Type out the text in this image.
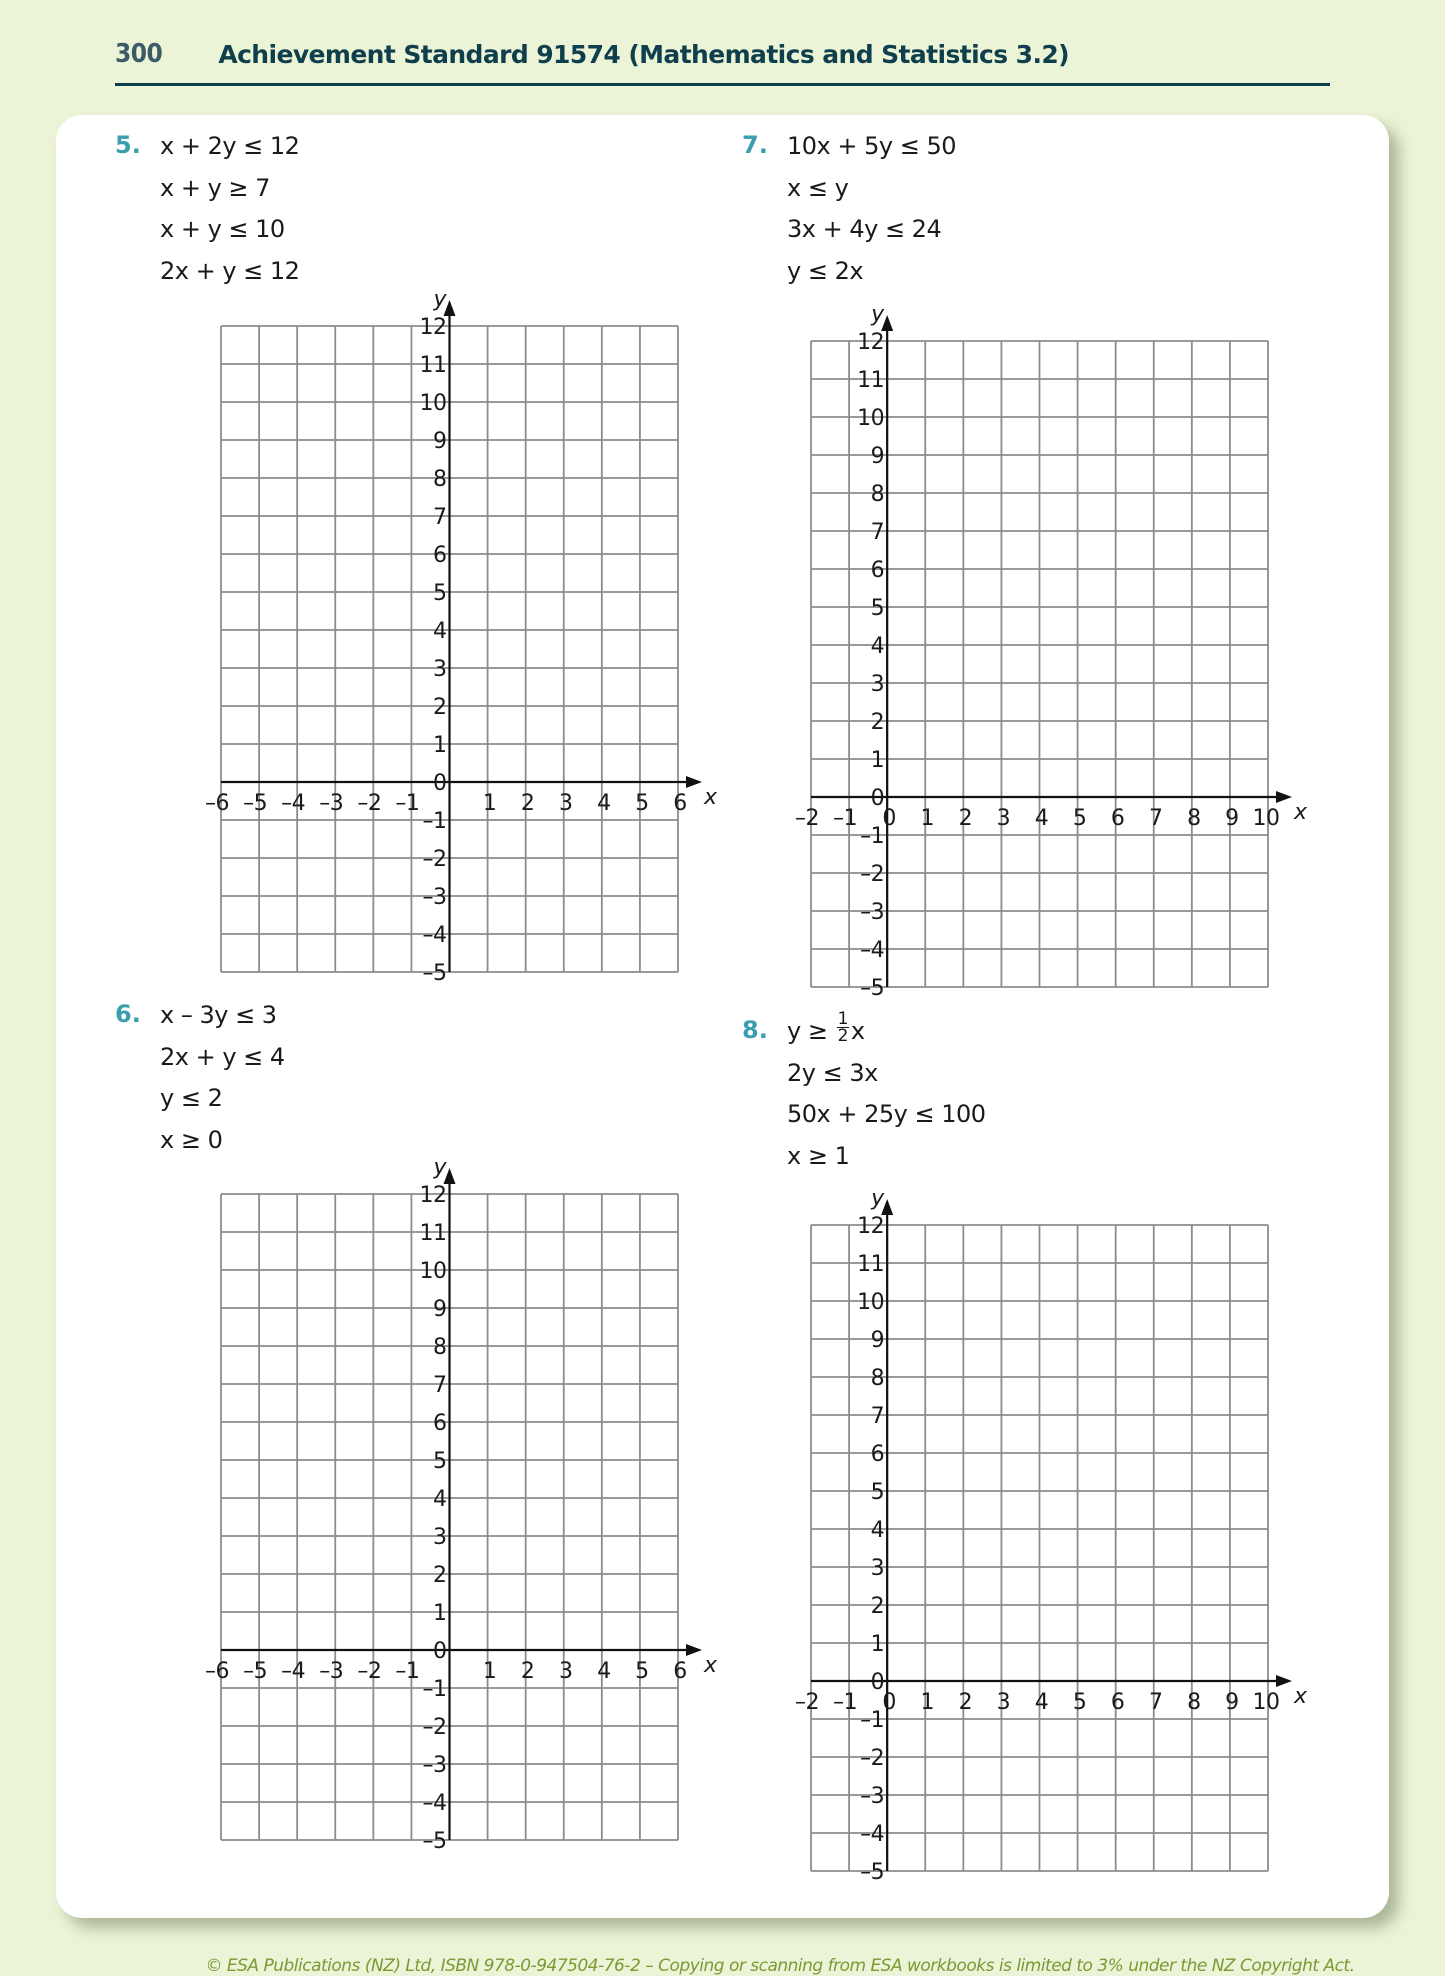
300 Achievement Standard 91574 (Mathematics and Statistics 3.2)
5. x + 2y ≤ 12
x + y ≥ 7
x + y ≤ 10
2x + y ≤ 12
7. 10x + 5y ≤ 50
x ≤ y
3x + 4y ≤ 24
y ≤ 2x
6. x – 3y ≤ 3
2x + y ≤ 4
y ≤ 2
x ≥ 0
8. $y \ge \frac{1}{2}$ x
2y ≤ 3x
50x + 25y ≤ 100
x ≥ 1
x
y
12
11
10
9
8
7
6
5
4
3
2
1
0
–1
–2
–3
–4
–5
–6 –5 –4 –3 –2 –1	1 2 3 4 5 6
x
y
12
11
10
9
8
7
6
5
4
3
2
1
0
–1
–2
–3
–4
–5
–6 –5 –4 –3 –2 –1	1 2 3 4 5 6
x
y
12
11
10
9
8
7
6
5
4
3
2
1
0
–1
–2
–3
–4
–5
–2 –1 0 1 2 3 4 5 6 7 8 9 10
x
y
12
11
10
9
8
7
6
5
4
3
2
1
0
–1
–2
–3
–4
–5
–2 –1 0 1 2 3 4 5 6 7 8 9 10
© ESA Publications (NZ) Ltd, ISBN 978-0-947504-76-2 – Copying or scanning from ESA workbooks is limited to 3% under the NZ Copyright Act.
